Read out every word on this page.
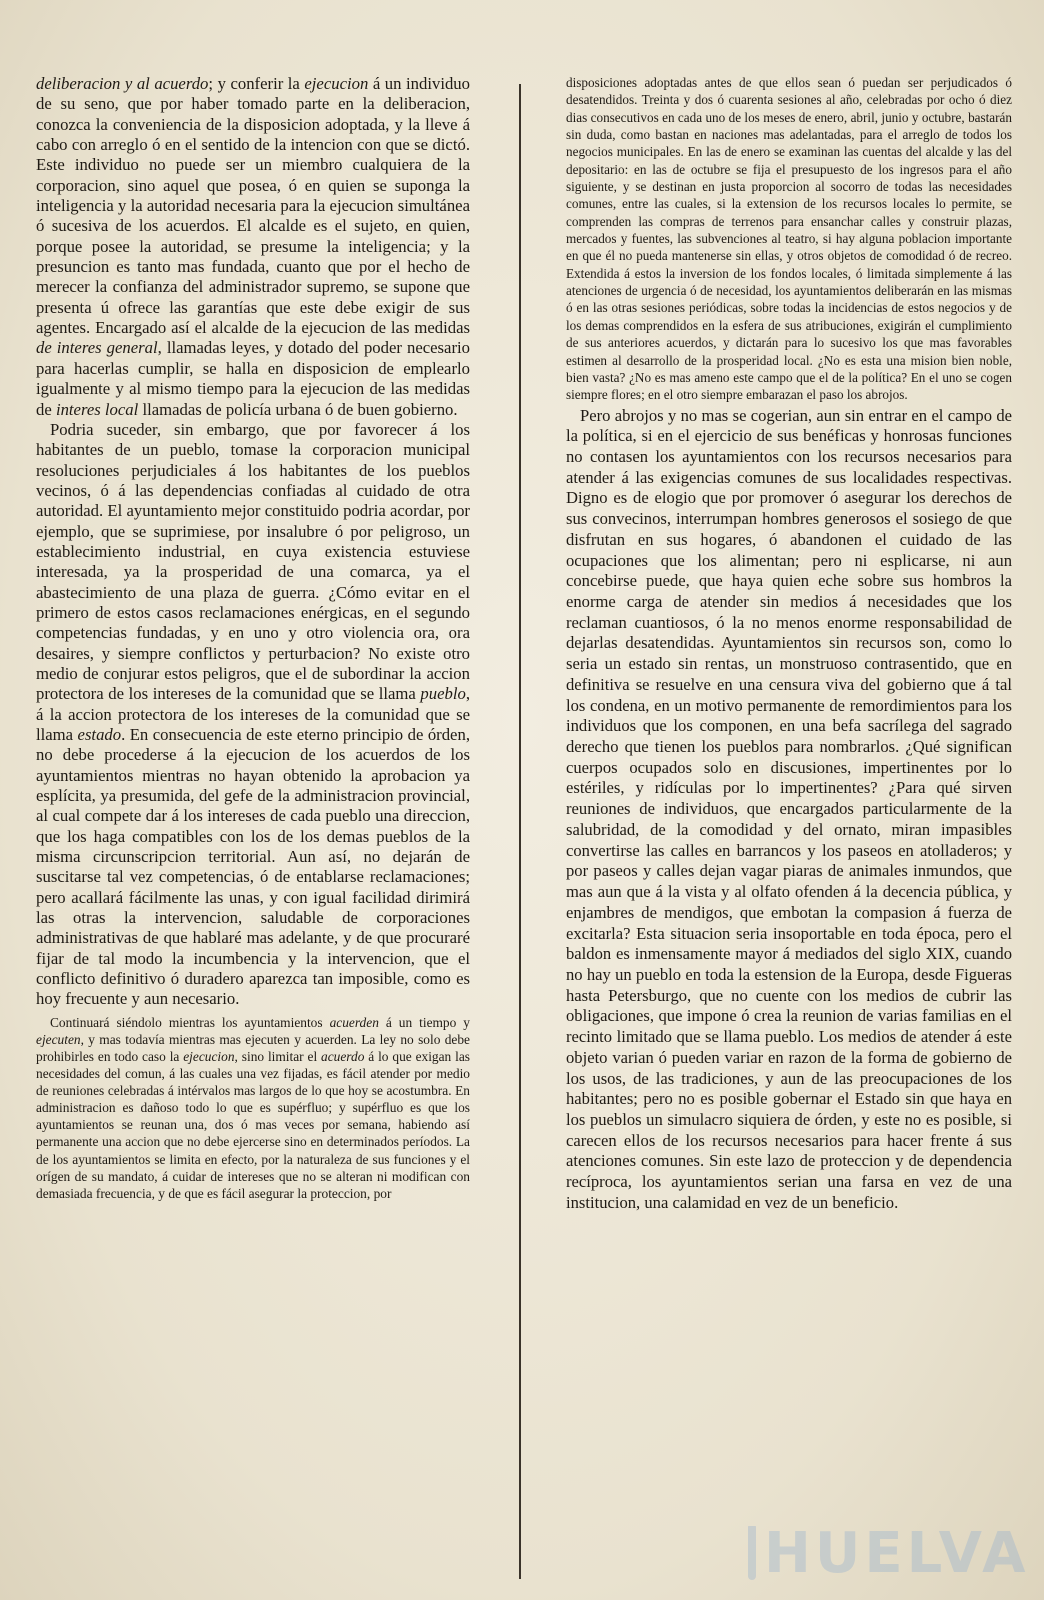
deliberacion y al acuerdo; y conferir la ejecucion á un individuo de su seno, que por haber tomado parte en la deliberacion, conozca la conveniencia de la disposicion adoptada, y la lleve á cabo con arreglo ó en el sentido de la intencion con que se dictó. Este individuo no puede ser un miembro cualquiera de la corporacion, sino aquel que posea, ó en quien se suponga la inteligencia y la autoridad necesaria para la ejecucion simultánea ó sucesiva de los acuerdos. El alcalde es el sujeto, en quien, porque posee la autoridad, se presume la inteligencia; y la presuncion es tanto mas fundada, cuanto que por el hecho de merecer la confianza del administrador supremo, se supone que presenta ú ofrece las garantías que este debe exigir de sus agentes. Encargado así el alcalde de la ejecucion de las medidas de interes general, llamadas leyes, y dotado del poder necesario para hacerlas cumplir, se halla en disposicion de emplearlo igualmente y al mismo tiempo para la ejecucion de las medidas de interes local llamadas de policía urbana ó de buen gobierno.

Podria suceder, sin embargo, que por favorecer á los habitantes de un pueblo, tomase la corporacion municipal resoluciones perjudiciales á los habitantes de los pueblos vecinos, ó á las dependencias confiadas al cuidado de otra autoridad. El ayuntamiento mejor constituido podria acordar, por ejemplo, que se suprimiese, por insalubre ó por peligroso, un establecimiento industrial, en cuya existencia estuviese interesada, ya la prosperidad de una comarca, ya el abastecimiento de una plaza de guerra. ¿Cómo evitar en el primero de estos casos reclamaciones enérgicas, en el segundo competencias fundadas, y en uno y otro violencia ora, ora desaires, y siempre conflictos y perturbacion? No existe otro medio de conjurar estos peligros, que el de subordinar la accion protectora de los intereses de la comunidad que se llama pueblo, á la accion protectora de los intereses de la comunidad que se llama estado. En consecuencia de este eterno principio de órden, no debe procederse á la ejecucion de los acuerdos de los ayuntamientos mientras no hayan obtenido la aprobacion ya esplícita, ya presumida, del gefe de la administracion provincial, al cual compete dar á los intereses de cada pueblo una direccion, que los haga compatibles con los de los demas pueblos de la misma circunscripcion territorial. Aun así, no dejarán de suscitarse tal vez competencias, ó de entablarse reclamaciones; pero acallará fácilmente las unas, y con igual facilidad dirimirá las otras la intervencion, saludable de corporaciones administrativas de que hablaré mas adelante, y de que procuraré fijar de tal modo la incumbencia y la intervencion, que el conflicto definitivo ó duradero aparezca tan imposible, como es hoy frecuente y aun necesario.

Continuará siéndolo mientras los ayuntamientos acuerden á un tiempo y ejecuten, y mas todavía mientras mas ejecuten y acuerden. La ley no solo debe prohibirles en todo caso la ejecucion, sino limitar el acuerdo á lo que exigan las necesidades del comun, á las cuales una vez fijadas, es fácil atender por medio de reuniones celebradas á intérvalos mas largos de lo que hoy se acostumbra. En administracion es dañoso todo lo que es supérfluo; y supérfluo es que los ayuntamientos se reunan una, dos ó mas veces por semana, habiendo así permanente una accion que no debe ejercerse sino en determinados períodos. La de los ayuntamientos se limita en efecto, por la naturaleza de sus funciones y el orígen de su mandato, á cuidar de intereses que no se alteran ni modifican con demasiada frecuencia, y de que es fácil asegurar la proteccion, por

disposiciones adoptadas antes de que ellos sean ó puedan ser perjudicados ó desatendidos. Treinta y dos ó cuarenta sesiones al año, celebradas por ocho ó diez dias consecutivos en cada uno de los meses de enero, abril, junio y octubre, bastarán sin duda, como bastan en naciones mas adelantadas, para el arreglo de todos los negocios municipales. En las de enero se examinan las cuentas del alcalde y las del depositario: en las de octubre se fija el presupuesto de los ingresos para el año siguiente, y se destinan en justa proporcion al socorro de todas las necesidades comunes, entre las cuales, si la extension de los recursos locales lo permite, se comprenden las compras de terrenos para ensanchar calles y construir plazas, mercados y fuentes, las subvenciones al teatro, si hay alguna poblacion importante en que él no pueda mantenerse sin ellas, y otros objetos de comodidad ó de recreo. Extendida á estos la inversion de los fondos locales, ó limitada simplemente á las atenciones de urgencia ó de necesidad, los ayuntamientos deliberarán en las mismas ó en las otras sesiones periódicas, sobre todas la incidencias de estos negocios y de los demas comprendidos en la esfera de sus atribuciones, exigirán el cumplimiento de sus anteriores acuerdos, y dictarán para lo sucesivo los que mas favorables estimen al desarrollo de la prosperidad local. ¿No es esta una mision bien noble, bien vasta? ¿No es mas ameno este campo que el de la política? En el uno se cogen siempre flores; en el otro siempre embarazan el paso los abrojos.

Pero abrojos y no mas se cogerian, aun sin entrar en el campo de la política, si en el ejercicio de sus benéficas y honrosas funciones no contasen los ayuntamientos con los recursos necesarios para atender á las exigencias comunes de sus localidades respectivas. Digno es de elogio que por promover ó asegurar los derechos de sus convecinos, interrumpan hombres generosos el sosiego de que disfrutan en sus hogares, ó abandonen el cuidado de las ocupaciones que los alimentan; pero ni esplicarse, ni aun concebirse puede, que haya quien eche sobre sus hombros la enorme carga de atender sin medios á necesidades que los reclaman cuantiosos, ó la no menos enorme responsabilidad de dejarlas desatendidas. Ayuntamientos sin recursos son, como lo seria un estado sin rentas, un monstruoso contrasentido, que en definitiva se resuelve en una censura viva del gobierno que á tal los condena, en un motivo permanente de remordimientos para los individuos que los componen, en una befa sacrílega del sagrado derecho que tienen los pueblos para nombrarlos. ¿Qué significan cuerpos ocupados solo en discusiones, impertinentes por lo estériles, y ridículas por lo impertinentes? ¿Para qué sirven reuniones de individuos, que encargados particularmente de la salubridad, de la comodidad y del ornato, miran impasibles convertirse las calles en barrancos y los paseos en atolladeros; y por paseos y calles dejan vagar piaras de animales inmundos, que mas aun que á la vista y al olfato ofenden á la decencia pública, y enjambres de mendigos, que embotan la compasion á fuerza de excitarla? Esta situacion seria insoportable en toda época, pero el baldon es inmensamente mayor á mediados del siglo XIX, cuando no hay un pueblo en toda la estension de la Europa, desde Figueras hasta Petersburgo, que no cuente con los medios de cubrir las obligaciones, que impone ó crea la reunion de varias familias en el recinto limitado que se llama pueblo. Los medios de atender á este objeto varian ó pueden variar en razon de la forma de gobierno de los usos, de las tradiciones, y aun de las preocupaciones de los habitantes; pero no es posible gobernar el Estado sin que haya en los pueblos un simulacro siquiera de órden, y este no es posible, si carecen ellos de los recursos necesarios para hacer frente á sus atenciones comunes. Sin este lazo de proteccion y de dependencia recíproca, los ayuntamientos serian una farsa en vez de una institucion, una calamidad en vez de un beneficio.

HUELVA
